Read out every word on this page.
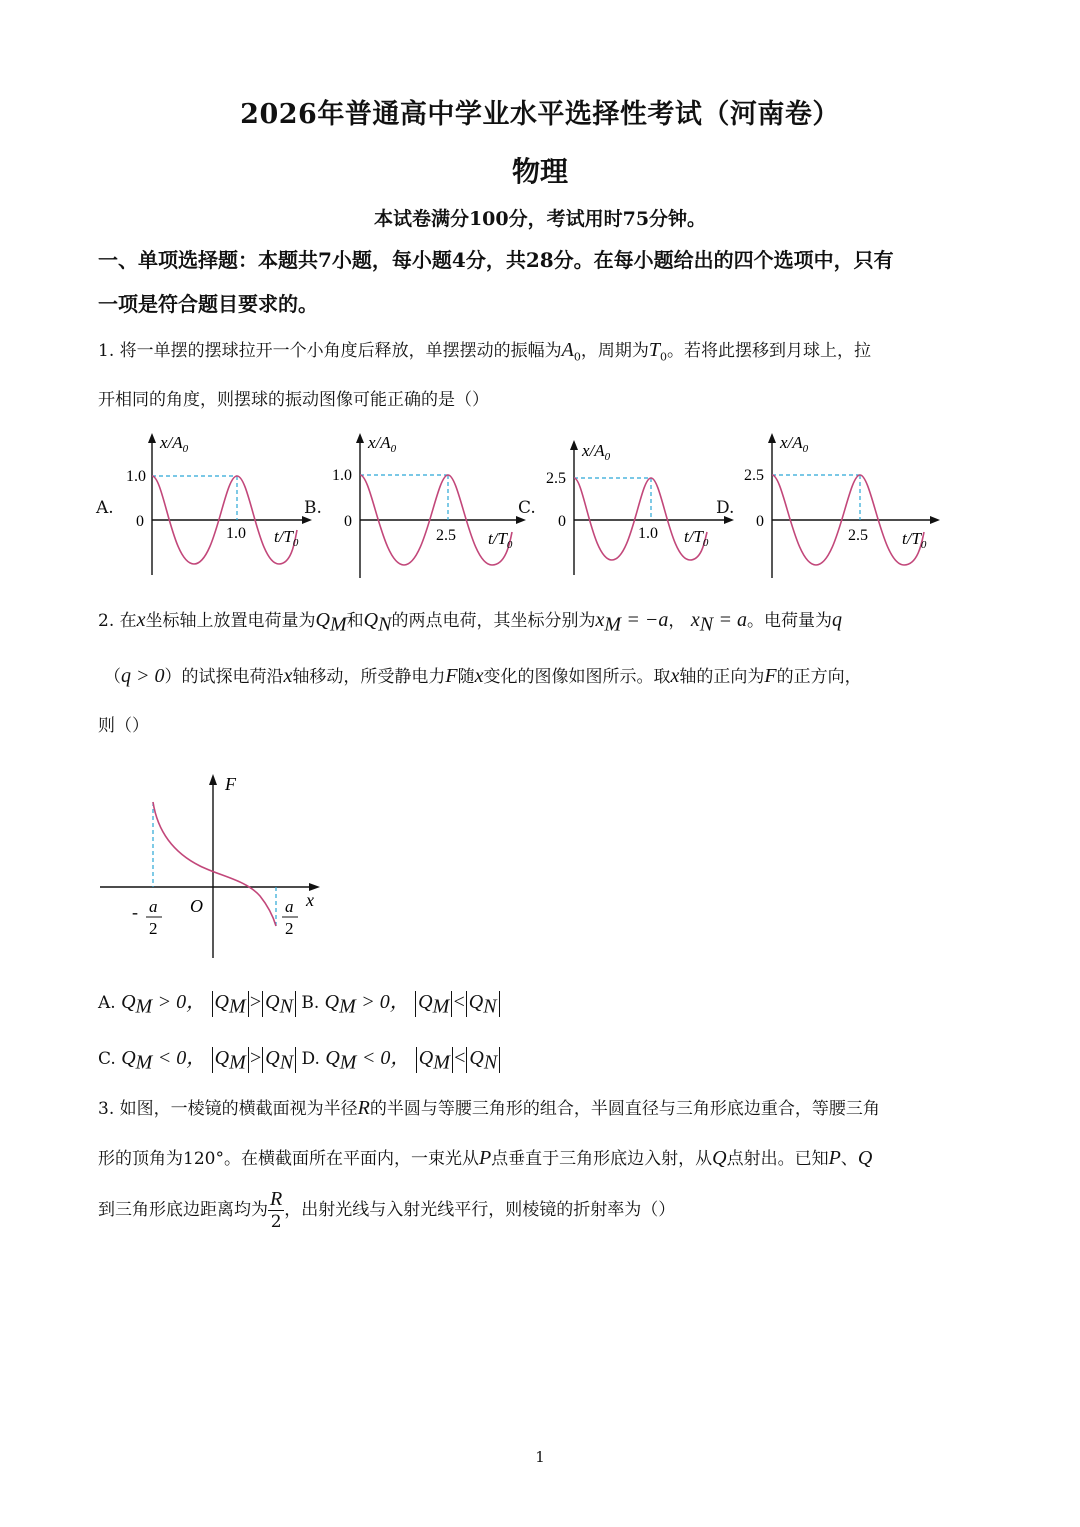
2026年普通高中学业水平选择性考试（河南卷）
物理
本试卷满分100分，考试用时75分钟。
一、单项选择题：本题共7小题，每小题4分，共28分。在每小题给出的四个选项中，只有
一项是符合题目要求的。
1. 将一单摆的摆球拉开一个小角度后释放，单摆摆动的振幅为$A_0$，周期为$T_0$。若将此摆移到月球上，拉
开相同的角度，则摆球的振动图像可能正确的是（）
A.
$x/A_0$
1.0
0
1.0 $t/T_0$
B.
$x/A_0$
1.0
0
2.5 $t/T_0$
C.
$x/A_0$
2.5
0
1.0 $t/T_0$
D.
$x/A_0$
2.5
0
2.5 $t/T_0$
2. 在x坐标轴上放置电荷量为$Q_M$和$Q_N$的两点电荷，其坐标分别为$x_M = -a$， $x_N = a$。电荷量为q
（q > 0）的试探电荷沿x轴移动，所受静电力F随x变化的图像如图所示。取x轴的正向为F的正方向，
则（）
F
O	x
- a
2
a
2
A. $Q_M > 0$， $Q_M > Q_N$ B. $Q_M > 0$， $Q_M < Q_N$
C. $Q_M < 0$， $Q_M > Q_N$ D. $Q_M < 0$， $Q_M < Q_N$
3. 如图，一棱镜的横截面视为半径R的半圆与等腰三角形的组合，半圆直径与三角形底边重合，等腰三角
形的顶角为120°。在横截面所在平面内，一束光从P点垂直于三角形底边入射，从Q点射出。已知P、Q
到三角形底边距离均为 $\frac{R}{2}$ ，出射光线与入射光线平行，则棱镜的折射率为（）
1
